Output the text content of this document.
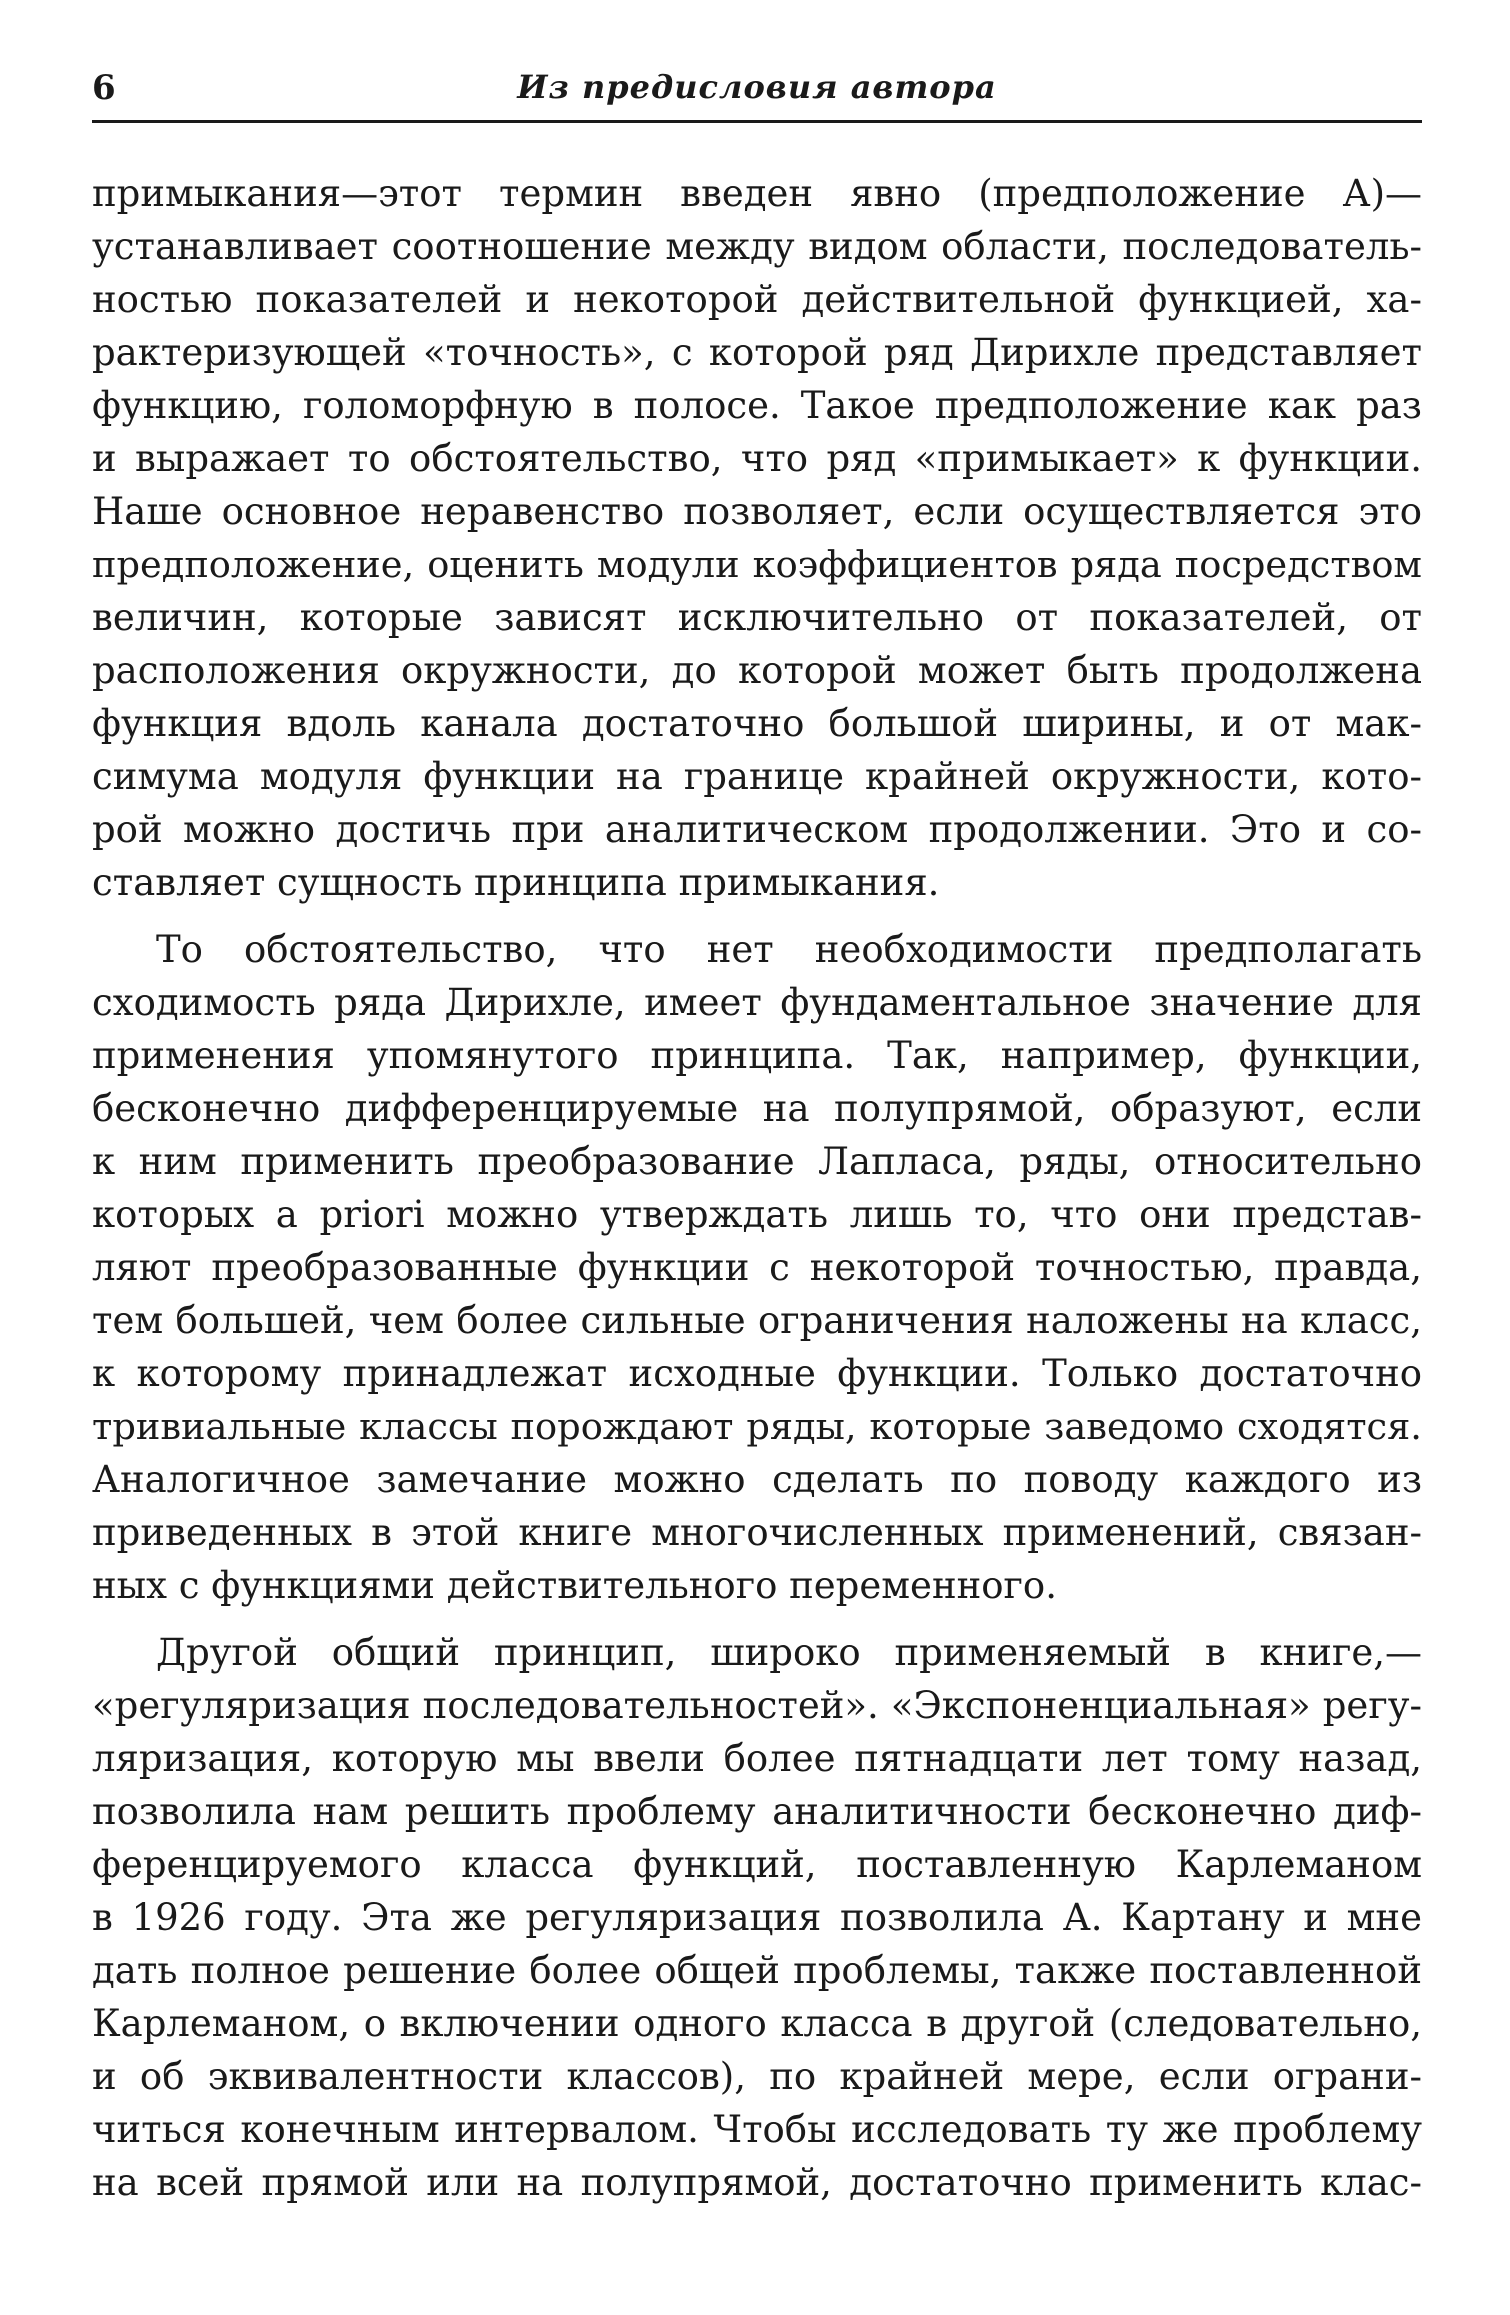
6	Из предисловия автора

примыкания—этот термин введен явно (предположение А)—
устанавливает соотношение между видом области, последователь-
ностью показателей и некоторой действительной функцией, ха-
рактеризующей «точность», с которой ряд Дирихле представляет
функцию, голоморфную в полосе. Такое предположение как раз
и выражает то обстоятельство, что ряд «примыкает» к функции.
Наше основное неравенство позволяет, если осуществляется это
предположение, оценить модули коэффициентов ряда посредством
величин, которые зависят исключительно от показателей, от
расположения окружности, до которой может быть продолжена
функция вдоль канала достаточно большой ширины, и от мак-
симума модуля функции на границе крайней окружности, кото-
рой можно достичь при аналитическом продолжении. Это и со-
ставляет сущность принципа примыкания.

То обстоятельство, что нет необходимости предполагать
сходимость ряда Дирихле, имеет фундаментальное значение для
применения упомянутого принципа. Так, например, функции,
бесконечно дифференцируемые на полупрямой, образуют, если
к ним применить преобразование Лапласа, ряды, относительно
которых a priori можно утверждать лишь то, что они представ-
ляют преобразованные функции с некоторой точностью, правда,
тем большей, чем более сильные ограничения наложены на класс,
к которому принадлежат исходные функции. Только достаточно
тривиальные классы порождают ряды, которые заведомо сходятся.
Аналогичное замечание можно сделать по поводу каждого из
приведенных в этой книге многочисленных применений, связан-
ных с функциями действительного переменного.

Другой общий принцип, широко применяемый в книге,—
«регуляризация последовательностей». «Экспоненциальная» регу-
ляризация, которую мы ввели более пятнадцати лет тому назад,
позволила нам решить проблему аналитичности бесконечно диф-
ференцируемого класса функций, поставленную Карлеманом
в 1926 году. Эта же регуляризация позволила А. Картану и мне
дать полное решение более общей проблемы, также поставленной
Карлеманом, о включении одного класса в другой (следовательно,
и об эквивалентности классов), по крайней мере, если ограни-
читься конечным интервалом. Чтобы исследовать ту же проблему
на всей прямой или на полупрямой, достаточно применить клас-
